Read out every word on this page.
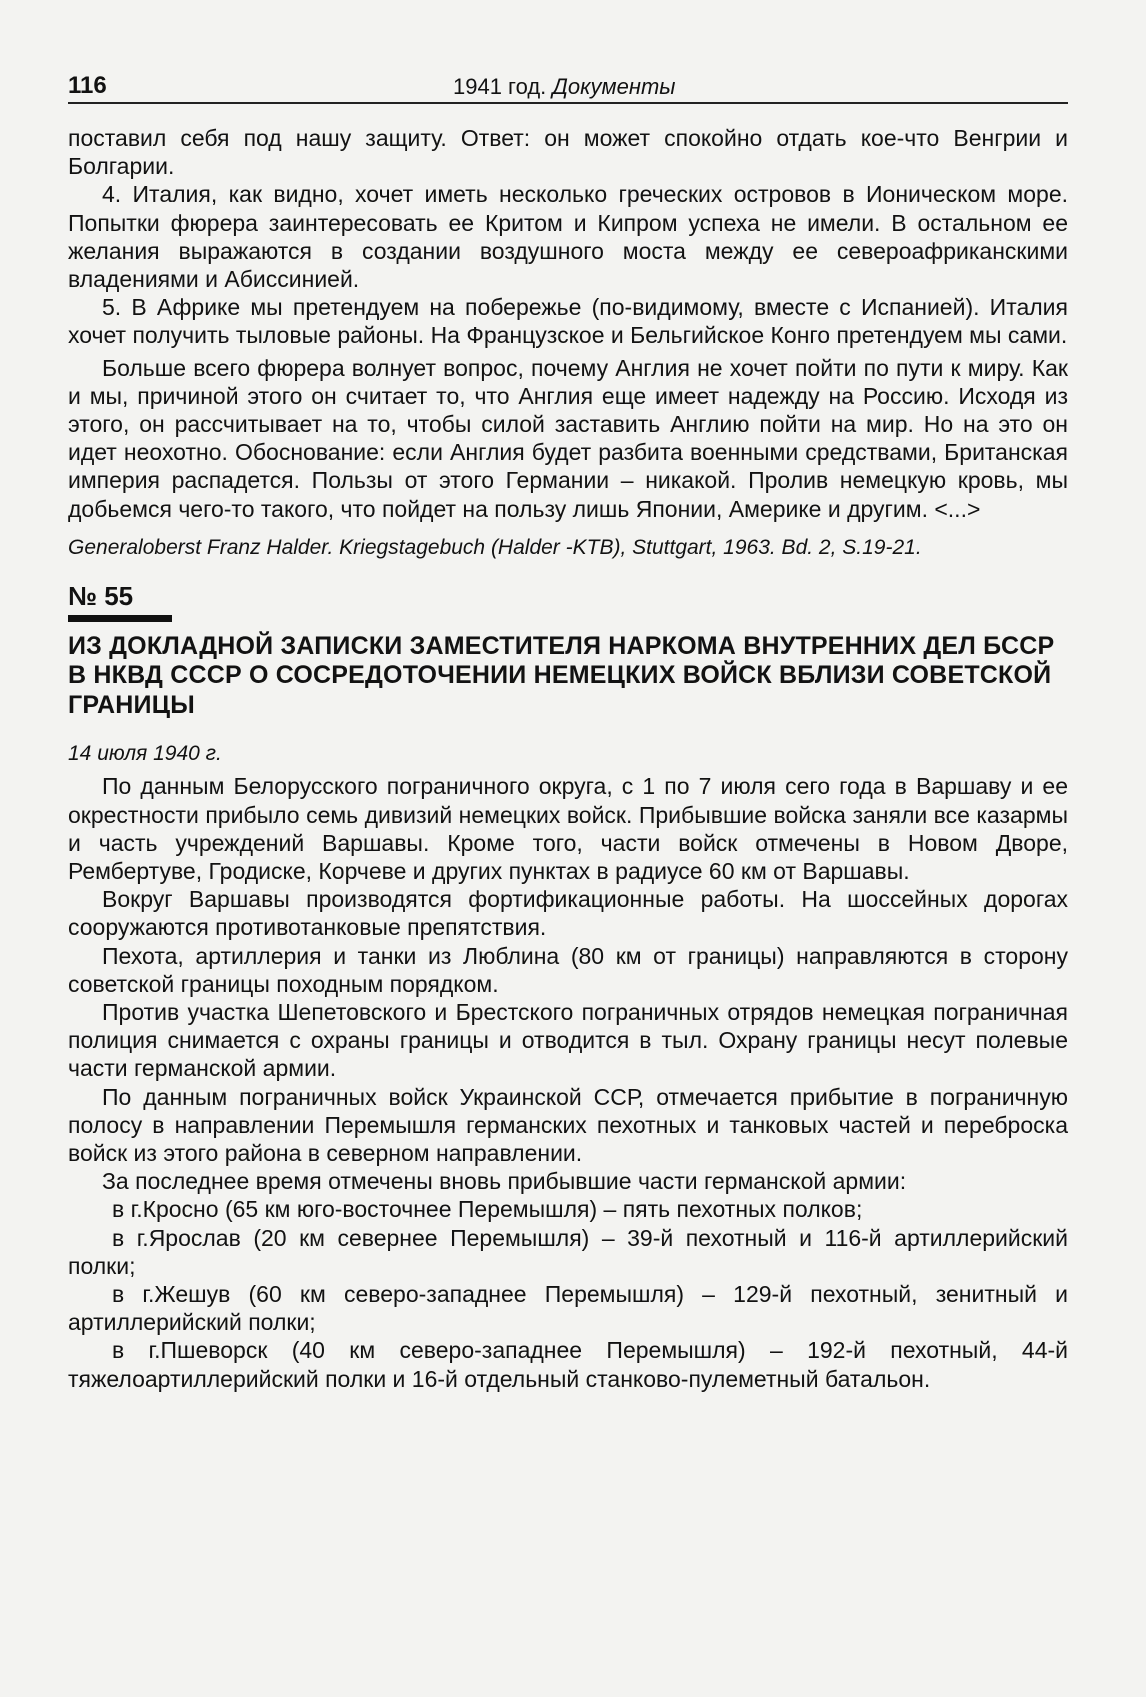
116	1941 год. Документы

поставил себя под нашу защиту. Ответ: он может спокойно отдать кое-что Венгрии и Болгарии.

4. Италия, как видно, хочет иметь несколько греческих островов в Ионическом море. Попытки фюрера заинтересовать ее Критом и Кипром успеха не имели. В остальном ее желания выражаются в создании воздушного моста между ее североафриканскими владениями и Абиссинией.

5. В Африке мы претендуем на побережье (по-видимому, вместе с Испанией). Италия хочет получить тыловые районы. На Французское и Бельгийское Конго претендуем мы сами.

Больше всего фюрера волнует вопрос, почему Англия не хочет пойти по пути к миру. Как и мы, причиной этого он считает то, что Англия еще имеет надежду на Россию. Исходя из этого, он рассчитывает на то, чтобы силой заставить Англию пойти на мир. Но на это он идет неохотно. Обоснование: если Англия будет разбита военными средствами, Британская империя распадется. Пользы от этого Германии – никакой. Пролив немецкую кровь, мы добьемся чего-то такого, что пойдет на пользу лишь Японии, Америке и другим. <...>

Generaloberst Franz Halder. Kriegstagebuch (Halder -KTB), Stuttgart, 1963. Bd. 2, S.19-21.
№ 55
ИЗ ДОКЛАДНОЙ ЗАПИСКИ ЗАМЕСТИТЕЛЯ НАРКОМА ВНУТРЕННИХ ДЕЛ БССР В НКВД СССР О СОСРЕДОТОЧЕНИИ НЕМЕЦКИХ ВОЙСК ВБЛИЗИ СОВЕТСКОЙ ГРАНИЦЫ
14 июля 1940 г.

По данным Белорусского пограничного округа, с 1 по 7 июля сего года в Варшаву и ее окрестности прибыло семь дивизий немецких войск. Прибывшие войска заняли все казармы и часть учреждений Варшавы. Кроме того, части войск отмечены в Новом Дворе, Рембертуве, Гродиске, Корчеве и других пунктах в радиусе 60 км от Варшавы.

Вокруг Варшавы производятся фортификационные работы. На шоссейных дорогах сооружаются противотанковые препятствия.

Пехота, артиллерия и танки из Люблина (80 км от границы) направляются в сторону советской границы походным порядком.

Против участка Шепетовского и Брестского пограничных отрядов немецкая пограничная полиция снимается с охраны границы и отводится в тыл. Охрану границы несут полевые части германской армии.

По данным пограничных войск Украинской ССР, отмечается прибытие в пограничную полосу в направлении Перемышля германских пехотных и танковых частей и переброска войск из этого района в северном направлении.

За последнее время отмечены вновь прибывшие части германской армии:

в г.Кросно (65 км юго-восточнее Перемышля) – пять пехотных полков;

в г.Ярослав (20 км севернее Перемышля) – 39-й пехотный и 116-й артиллерийский полки;

в г.Жешув (60 км северо-западнее Перемышля) – 129-й пехотный, зенитный и артиллерийский полки;

в г.Пшеворск (40 км северо-западнее Перемышля) – 192-й пехотный, 44-й тяжелоартиллерийский полки и 16-й отдельный станково-пулеметный батальон.
